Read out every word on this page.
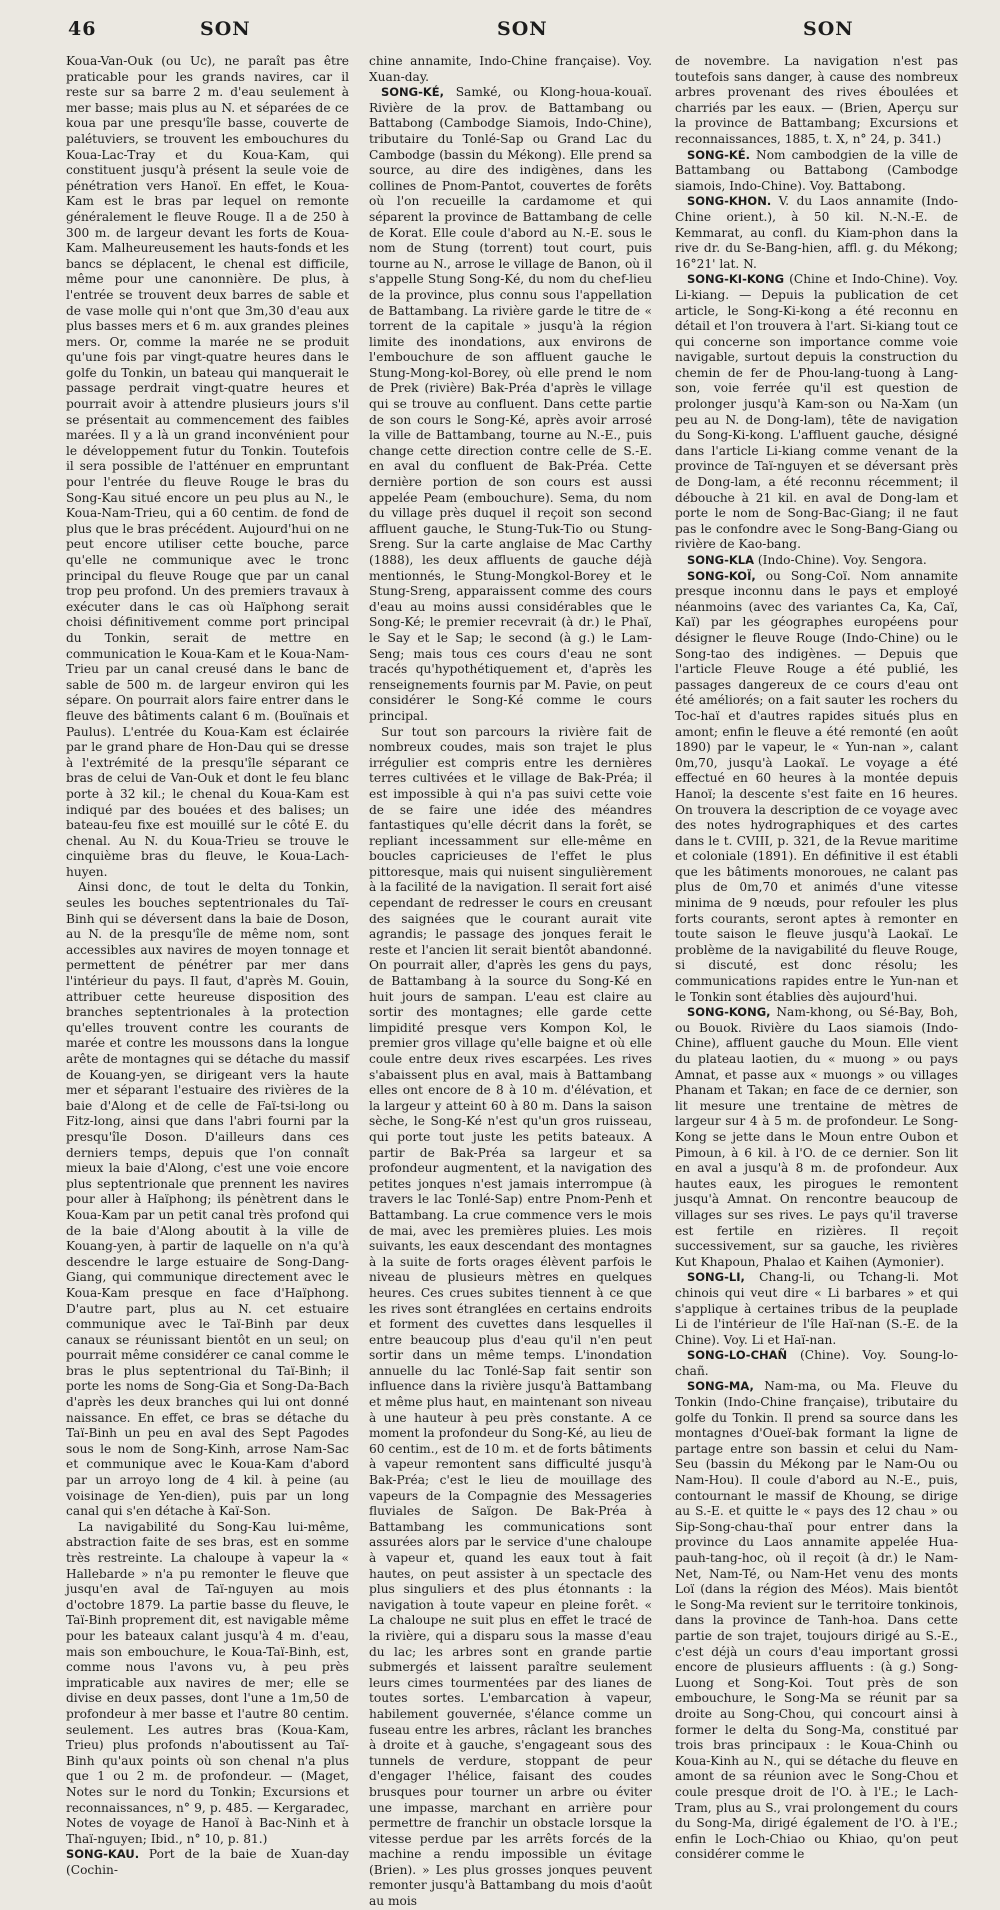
46	SON	SON	SON

Koua-Van-Ouk (ou Uc), ne paraît pas être praticable pour les grands navires, car il reste sur sa barre 2 m. d'eau seulement à mer basse; mais plus au N. et séparées de ce koua par une presqu'île basse, couverte de palétuviers, se trouvent les embouchures du Koua-Lac-Tray et du Koua-Kam, qui constituent jusqu'à présent la seule voie de pénétration vers Hanoï. En effet, le Koua-Kam est le bras par lequel on remonte généralement le fleuve Rouge. Il a de 250 à 300 m. de largeur devant les forts de Koua-Kam. Malheureusement les hauts-fonds et les bancs se déplacent, le chenal est difficile, même pour une canonnière. De plus, à l'entrée se trouvent deux barres de sable et de vase molle qui n'ont que 3m,30 d'eau aux plus basses mers et 6 m. aux grandes pleines mers. Or, comme la marée ne se produit qu'une fois par vingt-quatre heures dans le golfe du Tonkin, un bateau qui manquerait le passage perdrait vingt-quatre heures et pourrait avoir à attendre plusieurs jours s'il se présentait au commencement des faibles marées. Il y a là un grand inconvénient pour le développement futur du Tonkin. Toutefois il sera possible de l'atténuer en empruntant pour l'entrée du fleuve Rouge le bras du Song-Kau situé encore un peu plus au N., le Koua-Nam-Trieu, qui a 60 centim. de fond de plus que le bras précédent. Aujourd'hui on ne peut encore utiliser cette bouche, parce qu'elle ne communique avec le tronc principal du fleuve Rouge que par un canal trop peu profond. Un des premiers travaux à exécuter dans le cas où Haïphong serait choisi définitivement comme port principal du Tonkin, serait de mettre en communication le Koua-Kam et le Koua-Nam-Trieu par un canal creusé dans le banc de sable de 500 m. de largeur environ qui les sépare. On pourrait alors faire entrer dans le fleuve des bâtiments calant 6 m. (Bouïnais et Paulus). L'entrée du Koua-Kam est éclairée par le grand phare de Hon-Dau qui se dresse à l'extrémité de la presqu'île séparant ce bras de celui de Van-Ouk et dont le feu blanc porte à 32 kil.; le chenal du Koua-Kam est indiqué par des bouées et des balises; un bateau-feu fixe est mouillé sur le côté E. du chenal. Au N. du Koua-Trieu se trouve le cinquième bras du fleuve, le Koua-Lach-huyen.

Ainsi donc, de tout le delta du Tonkin, seules les bouches septentrionales du Taï-Binh qui se déversent dans la baie de Doson, au N. de la presqu'île de même nom, sont accessibles aux navires de moyen tonnage et permettent de pénétrer par mer dans l'intérieur du pays. Il faut, d'après M. Gouin, attribuer cette heureuse disposition des branches septentrionales à la protection qu'elles trouvent contre les courants de marée et contre les moussons dans la longue arête de montagnes qui se détache du massif de Kouang-yen, se dirigeant vers la haute mer et séparant l'estuaire des rivières de la baie d'Along et de celle de Faï-tsi-long ou Fitz-long, ainsi que dans l'abri fourni par la presqu'île Doson. D'ailleurs dans ces derniers temps, depuis que l'on connaît mieux la baie d'Along, c'est une voie encore plus septentrionale que prennent les navires pour aller à Haïphong; ils pénètrent dans le Koua-Kam par un petit canal très profond qui de la baie d'Along aboutit à la ville de Kouang-yen, à partir de laquelle on n'a qu'à descendre le large estuaire de Song-Dang-Giang, qui communique directement avec le Koua-Kam presque en face d'Haïphong. D'autre part, plus au N. cet estuaire communique avec le Taï-Binh par deux canaux se réunissant bientôt en un seul; on pourrait même considérer ce canal comme le bras le plus septentrional du Taï-Binh; il porte les noms de Song-Gia et Song-Da-Bach d'après les deux branches qui lui ont donné naissance. En effet, ce bras se détache du Taï-Binh un peu en aval des Sept Pagodes sous le nom de Song-Kinh, arrose Nam-Sac et communique avec le Koua-Kam d'abord par un arroyo long de 4 kil. à peine (au voisinage de Yen-dien), puis par un long canal qui s'en détache à Kaï-Son.

La navigabilité du Song-Kau lui-même, abstraction faite de ses bras, est en somme très restreinte. La chaloupe à vapeur la « Hallebarde » n'a pu remonter le fleuve que jusqu'en aval de Taï-nguyen au mois d'octobre 1879. La partie basse du fleuve, le Taï-Binh proprement dit, est navigable même pour les bateaux calant jusqu'à 4 m. d'eau, mais son embouchure, le Koua-Taï-Binh, est, comme nous l'avons vu, à peu près impraticable aux navires de mer; elle se divise en deux passes, dont l'une a 1m,50 de profondeur à mer basse et l'autre 80 centim. seulement. Les autres bras (Koua-Kam, Trieu) plus profonds n'aboutissent au Taï-Binh qu'aux points où son chenal n'a plus que 1 ou 2 m. de profondeur. — (Maget, Notes sur le nord du Tonkin; Excursions et reconnaissances, n° 9, p. 485. — Kergaradec, Notes de voyage de Hanoï à Bac-Ninh et à Thaï-nguyen; Ibid., n° 10, p. 81.)

SONG-KAU. Port de la baie de Xuan-day (Cochin-

chine annamite, Indo-Chine française). Voy. Xuan-day.

SONG-KÉ, Samké, ou Klong-houa-kouaï. Rivière de la prov. de Battambang ou Battabong (Cambodge Siamois, Indo-Chine), tributaire du Tonlé-Sap ou Grand Lac du Cambodge (bassin du Mékong). Elle prend sa source, au dire des indigènes, dans les collines de Pnom-Pantot, couvertes de forêts où l'on recueille la cardamome et qui séparent la province de Battambang de celle de Korat. Elle coule d'abord au N.-E. sous le nom de Stung (torrent) tout court, puis tourne au N., arrose le village de Banon, où il s'appelle Stung Song-Ké, du nom du chef-lieu de la province, plus connu sous l'appellation de Battambang. La rivière garde le titre de « torrent de la capitale » jusqu'à la région limite des inondations, aux environs de l'embouchure de son affluent gauche le Stung-Mong-kol-Borey, où elle prend le nom de Prek (rivière) Bak-Préa d'après le village qui se trouve au confluent. Dans cette partie de son cours le Song-Ké, après avoir arrosé la ville de Battambang, tourne au N.-E., puis change cette direction contre celle de S.-E. en aval du confluent de Bak-Préa. Cette dernière portion de son cours est aussi appelée Peam (embouchure). Sema, du nom du village près duquel il reçoit son second affluent gauche, le Stung-Tuk-Tio ou Stung-Sreng. Sur la carte anglaise de Mac Carthy (1888), les deux affluents de gauche déjà mentionnés, le Stung-Mongkol-Borey et le Stung-Sreng, apparaissent comme des cours d'eau au moins aussi considérables que le Song-Ké; le premier recevrait (à dr.) le Phaï, le Say et le Sap; le second (à g.) le Lam-Seng; mais tous ces cours d'eau ne sont tracés qu'hypothétiquement et, d'après les renseignements fournis par M. Pavie, on peut considérer le Song-Ké comme le cours principal.

Sur tout son parcours la rivière fait de nombreux coudes, mais son trajet le plus irrégulier est compris entre les dernières terres cultivées et le village de Bak-Préa; il est impossible à qui n'a pas suivi cette voie de se faire une idée des méandres fantastiques qu'elle décrit dans la forêt, se repliant incessamment sur elle-même en boucles capricieuses de l'effet le plus pittoresque, mais qui nuisent singulièrement à la facilité de la navigation. Il serait fort aisé cependant de redresser le cours en creusant des saignées que le courant aurait vite agrandis; le passage des jonques ferait le reste et l'ancien lit serait bientôt abandonné. On pourrait aller, d'après les gens du pays, de Battambang à la source du Song-Ké en huit jours de sampan. L'eau est claire au sortir des montagnes; elle garde cette limpidité presque vers Kompon Kol, le premier gros village qu'elle baigne et où elle coule entre deux rives escarpées. Les rives s'abaissent plus en aval, mais à Battambang elles ont encore de 8 à 10 m. d'élévation, et la largeur y atteint 60 à 80 m. Dans la saison sèche, le Song-Ké n'est qu'un gros ruisseau, qui porte tout juste les petits bateaux. A partir de Bak-Préa sa largeur et sa profondeur augmentent, et la navigation des petites jonques n'est jamais interrompue (à travers le lac Tonlé-Sap) entre Pnom-Penh et Battambang. La crue commence vers le mois de mai, avec les premières pluies. Les mois suivants, les eaux descendant des montagnes à la suite de forts orages élèvent parfois le niveau de plusieurs mètres en quelques heures. Ces crues subites tiennent à ce que les rives sont étranglées en certains endroits et forment des cuvettes dans lesquelles il entre beaucoup plus d'eau qu'il n'en peut sortir dans un même temps. L'inondation annuelle du lac Tonlé-Sap fait sentir son influence dans la rivière jusqu'à Battambang et même plus haut, en maintenant son niveau à une hauteur à peu près constante. A ce moment la profondeur du Song-Ké, au lieu de 60 centim., est de 10 m. et de forts bâtiments à vapeur remontent sans difficulté jusqu'à Bak-Préa; c'est le lieu de mouillage des vapeurs de la Compagnie des Messageries fluviales de Saïgon. De Bak-Préa à Battambang les communications sont assurées alors par le service d'une chaloupe à vapeur et, quand les eaux tout à fait hautes, on peut assister à un spectacle des plus singuliers et des plus étonnants : la navigation à toute vapeur en pleine forêt. « La chaloupe ne suit plus en effet le tracé de la rivière, qui a disparu sous la masse d'eau du lac; les arbres sont en grande partie submergés et laissent paraître seulement leurs cimes tourmentées par des lianes de toutes sortes. L'embarcation à vapeur, habilement gouvernée, s'élance comme un fuseau entre les arbres, râclant les branches à droite et à gauche, s'engageant sous des tunnels de verdure, stoppant de peur d'engager l'hélice, faisant des coudes brusques pour tourner un arbre ou éviter une impasse, marchant en arrière pour permettre de franchir un obstacle lorsque la vitesse perdue par les arrêts forcés de la machine a rendu impossible un évitage (Brien). » Les plus grosses jonques peuvent remonter jusqu'à Battambang du mois d'août au mois

de novembre. La navigation n'est pas toutefois sans danger, à cause des nombreux arbres provenant des rives éboulées et charriés par les eaux. — (Brien, Aperçu sur la province de Battambang; Excursions et reconnaissances, 1885, t. X, n° 24, p. 341.)

SONG-KÉ. Nom cambodgien de la ville de Battambang ou Battabong (Cambodge siamois, Indo-Chine). Voy. Battabong.

SONG-KHON. V. du Laos annamite (Indo-Chine orient.), à 50 kil. N.-N.-E. de Kemmarat, au confl. du Kiam-phon dans la rive dr. du Se-Bang-hien, affl. g. du Mékong; 16°21' lat. N.

SONG-KI-KONG (Chine et Indo-Chine). Voy. Li-kiang. — Depuis la publication de cet article, le Song-Ki-kong a été reconnu en détail et l'on trouvera à l'art. Si-kiang tout ce qui concerne son importance comme voie navigable, surtout depuis la construction du chemin de fer de Phou-lang-tuong à Lang-son, voie ferrée qu'il est question de prolonger jusqu'à Kam-son ou Na-Xam (un peu au N. de Dong-lam), tête de navigation du Song-Ki-kong. L'affluent gauche, désigné dans l'article Li-kiang comme venant de la province de Taï-nguyen et se déversant près de Dong-lam, a été reconnu récemment; il débouche à 21 kil. en aval de Dong-lam et porte le nom de Song-Bac-Giang; il ne faut pas le confondre avec le Song-Bang-Giang ou rivière de Kao-bang.

SONG-KLA (Indo-Chine). Voy. Sengora.

SONG-KOÏ, ou Song-Coï. Nom annamite presque inconnu dans le pays et employé néanmoins (avec des variantes Ca, Ka, Caï, Kaï) par les géographes européens pour désigner le fleuve Rouge (Indo-Chine) ou le Song-tao des indigènes. — Depuis que l'article Fleuve Rouge a été publié, les passages dangereux de ce cours d'eau ont été améliorés; on a fait sauter les rochers du Toc-haï et d'autres rapides situés plus en amont; enfin le fleuve a été remonté (en août 1890) par le vapeur, le « Yun-nan », calant 0m,70, jusqu'à Laokaï. Le voyage a été effectué en 60 heures à la montée depuis Hanoï; la descente s'est faite en 16 heures. On trouvera la description de ce voyage avec des notes hydrographiques et des cartes dans le t. CVIII, p. 321, de la Revue maritime et coloniale (1891). En définitive il est établi que les bâtiments monoroues, ne calant pas plus de 0m,70 et animés d'une vitesse minima de 9 nœuds, pour refouler les plus forts courants, seront aptes à remonter en toute saison le fleuve jusqu'à Laokaï. Le problème de la navigabilité du fleuve Rouge, si discuté, est donc résolu; les communications rapides entre le Yun-nan et le Tonkin sont établies dès aujourd'hui.

SONG-KONG, Nam-khong, ou Sé-Bay, Boh, ou Bouok. Rivière du Laos siamois (Indo-Chine), affluent gauche du Moun. Elle vient du plateau laotien, du « muong » ou pays Amnat, et passe aux « muongs » ou villages Phanam et Takan; en face de ce dernier, son lit mesure une trentaine de mètres de largeur sur 4 à 5 m. de profondeur. Le Song-Kong se jette dans le Moun entre Oubon et Pimoun, à 6 kil. à l'O. de ce dernier. Son lit en aval a jusqu'à 8 m. de profondeur. Aux hautes eaux, les pirogues le remontent jusqu'à Amnat. On rencontre beaucoup de villages sur ses rives. Le pays qu'il traverse est fertile en rizières. Il reçoit successivement, sur sa gauche, les rivières Kut Khapoun, Phalao et Kaihen (Aymonier).

SONG-LI, Chang-li, ou Tchang-li. Mot chinois qui veut dire « Li barbares » et qui s'applique à certaines tribus de la peuplade Li de l'intérieur de l'île Haï-nan (S.-E. de la Chine). Voy. Li et Haï-nan.

SONG-LO-CHAÑ (Chine). Voy. Soung-lo-chañ.

SONG-MA, Nam-ma, ou Ma. Fleuve du Tonkin (Indo-Chine française), tributaire du golfe du Tonkin. Il prend sa source dans les montagnes d'Oueï-bak formant la ligne de partage entre son bassin et celui du Nam-Seu (bassin du Mékong par le Nam-Ou ou Nam-Hou). Il coule d'abord au N.-E., puis, contournant le massif de Khoung, se dirige au S.-E. et quitte le « pays des 12 chau » ou Sip-Song-chau-thaï pour entrer dans la province du Laos annamite appelée Hua-pauh-tang-hoc, où il reçoit (à dr.) le Nam-Net, Nam-Té, ou Nam-Het venu des monts Loï (dans la région des Méos). Mais bientôt le Song-Ma revient sur le territoire tonkinois, dans la province de Tanh-hoa. Dans cette partie de son trajet, toujours dirigé au S.-E., c'est déjà un cours d'eau important grossi encore de plusieurs affluents : (à g.) Song-Luong et Song-Koi. Tout près de son embouchure, le Song-Ma se réunit par sa droite au Song-Chou, qui concourt ainsi à former le delta du Song-Ma, constitué par trois bras principaux : le Koua-Chinh ou Koua-Kinh au N., qui se détache du fleuve en amont de sa réunion avec le Song-Chou et coule presque droit de l'O. à l'E.; le Lach-Tram, plus au S., vrai prolongement du cours du Song-Ma, dirigé également de l'O. à l'E.; enfin le Loch-Chiao ou Khiao, qu'on peut considérer comme le
